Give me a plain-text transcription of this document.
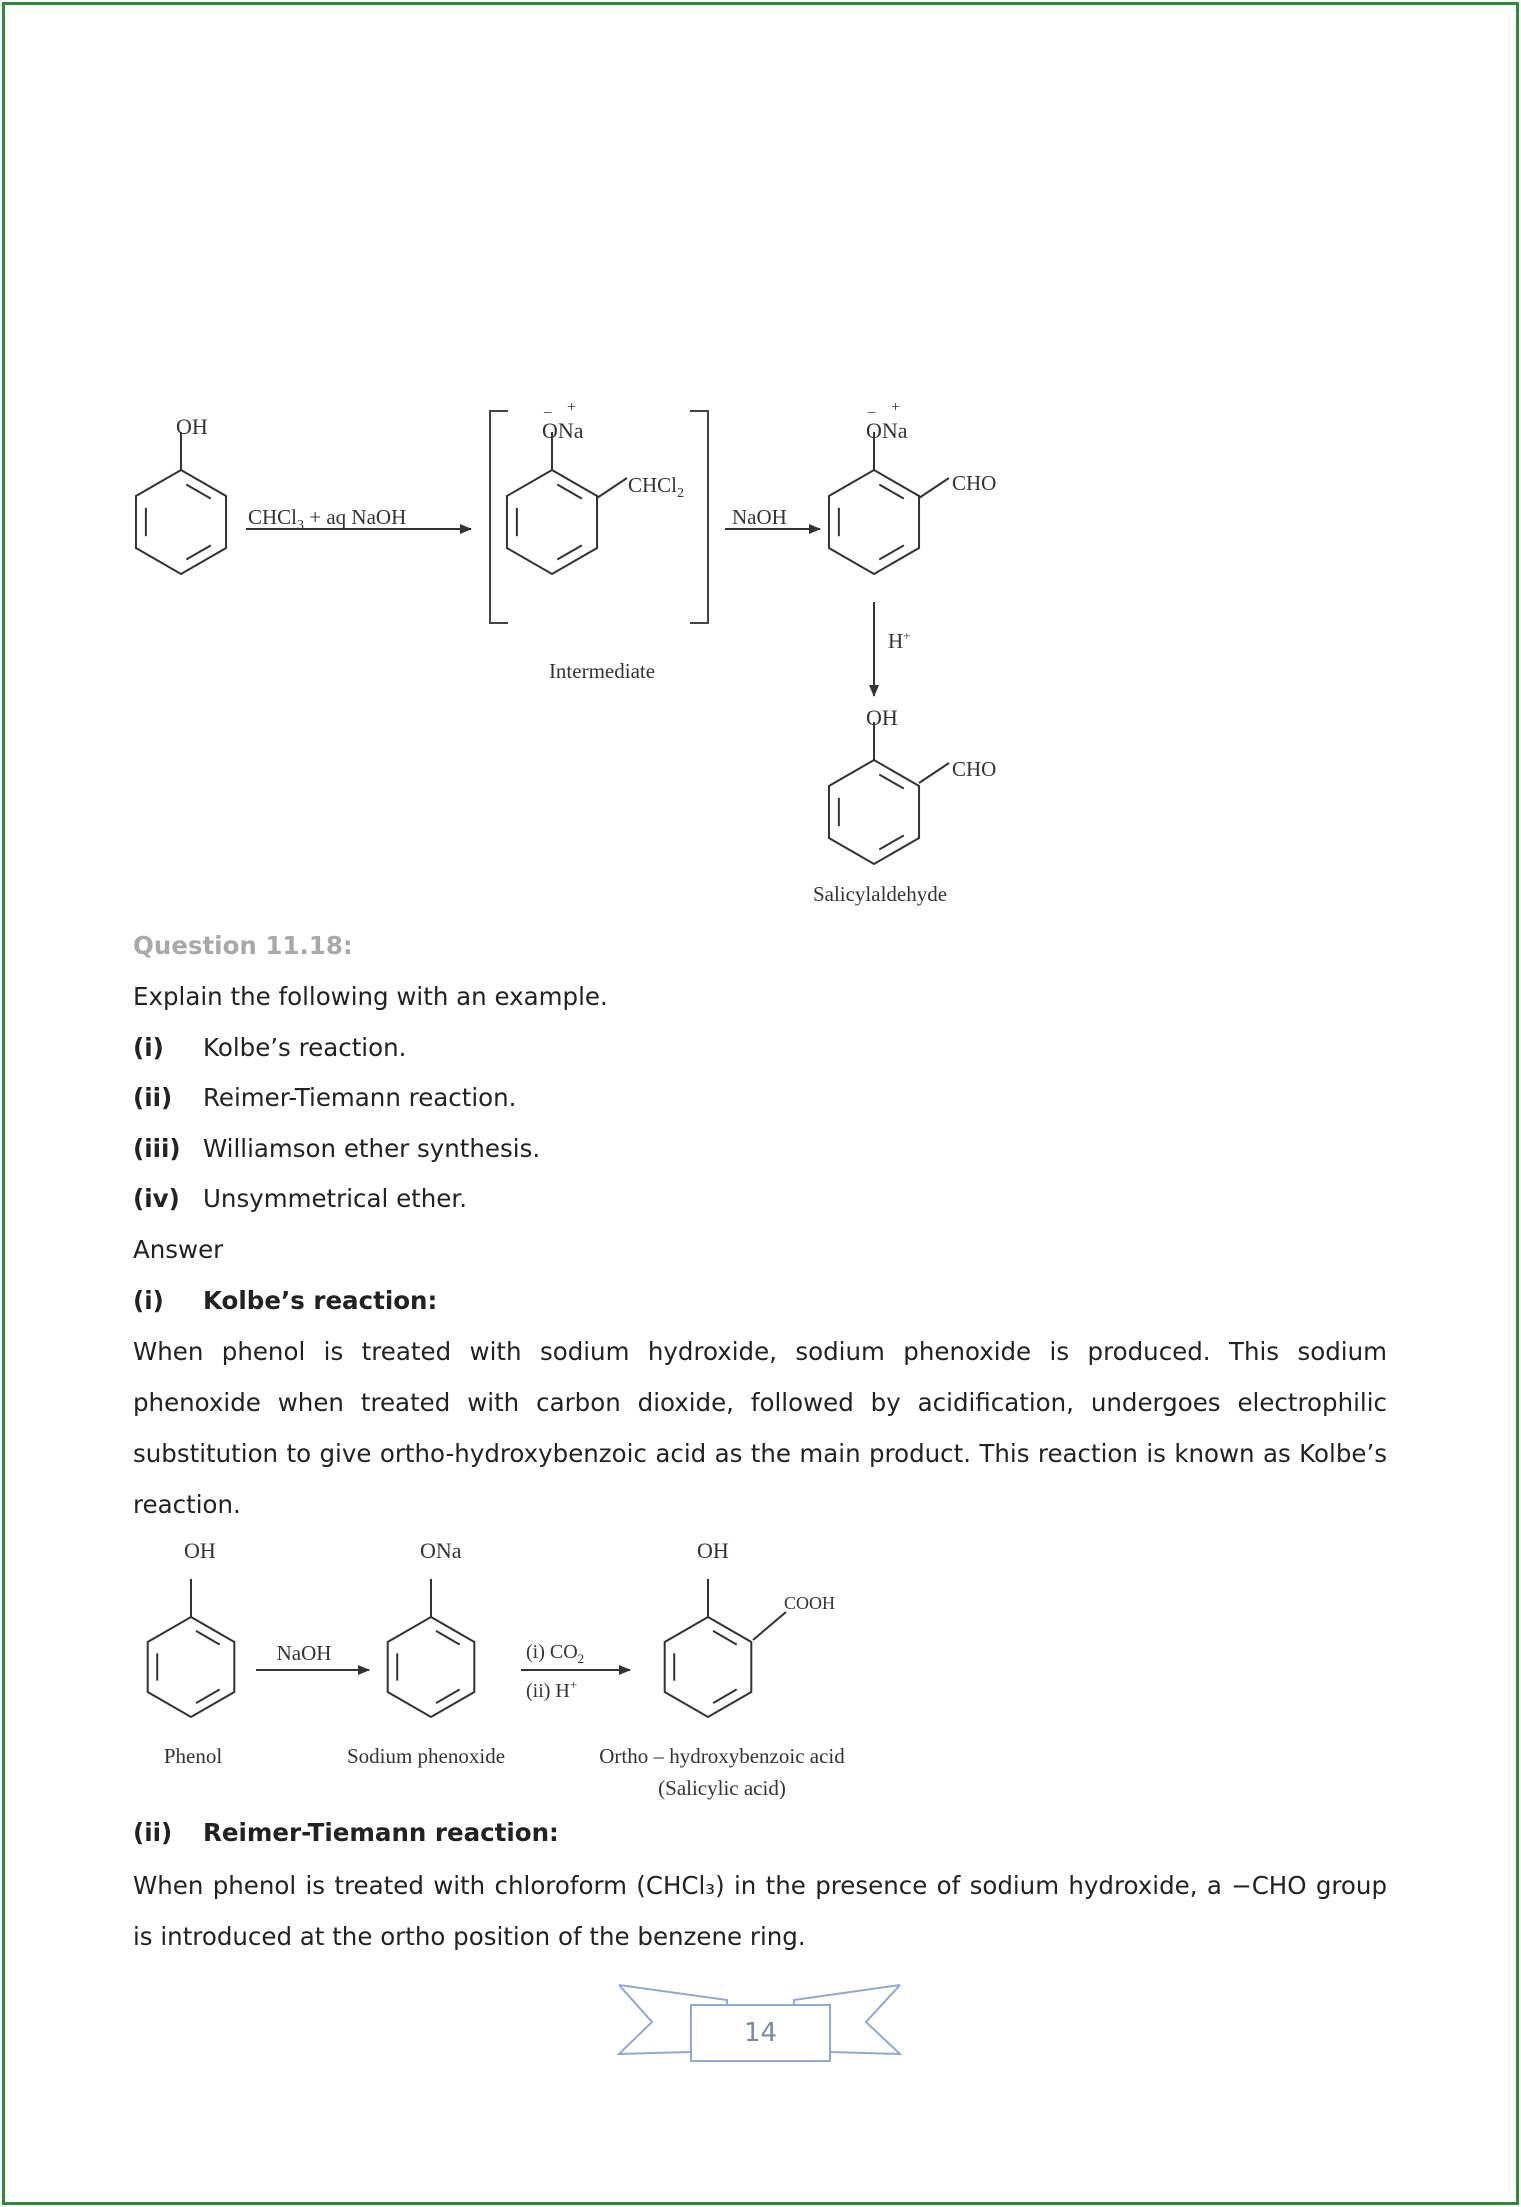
OH
CHCl$_3$ + aq NaOH
ONa
− +
CHCl$_2$
Intermediate
NaOH
ONa
− +
CHO
H+
OH
CHO
Salicylaldehyde
OH
Phenol
NaOH
ONa
Sodium phenoxide
(i) $CO_2$
(ii) H+
OH
COOH
Ortho – hydroxybenzoic acid
(Salicylic acid)
Question 11.18:
Explain the following with an example.
(i) Kolbe’s reaction.
(ii) Reimer-Tiemann reaction.
(iii) Williamson ether synthesis.
(iv) Unsymmetrical ether.
Answer
(i) Kolbe’s reaction:
When phenol is treated with sodium hydroxide, sodium phenoxide is produced. This sodium phenoxide when treated with carbon dioxide, followed by acidification, undergoes electrophilic substitution to give ortho-hydroxybenzoic acid as the main product. This reaction is known as Kolbe’s reaction.
(ii) Reimer-Tiemann reaction:
When phenol is treated with chloroform (CHCl₃) in the presence of sodium hydroxide, a −CHO group is introduced at the ortho position of the benzene ring.
14
